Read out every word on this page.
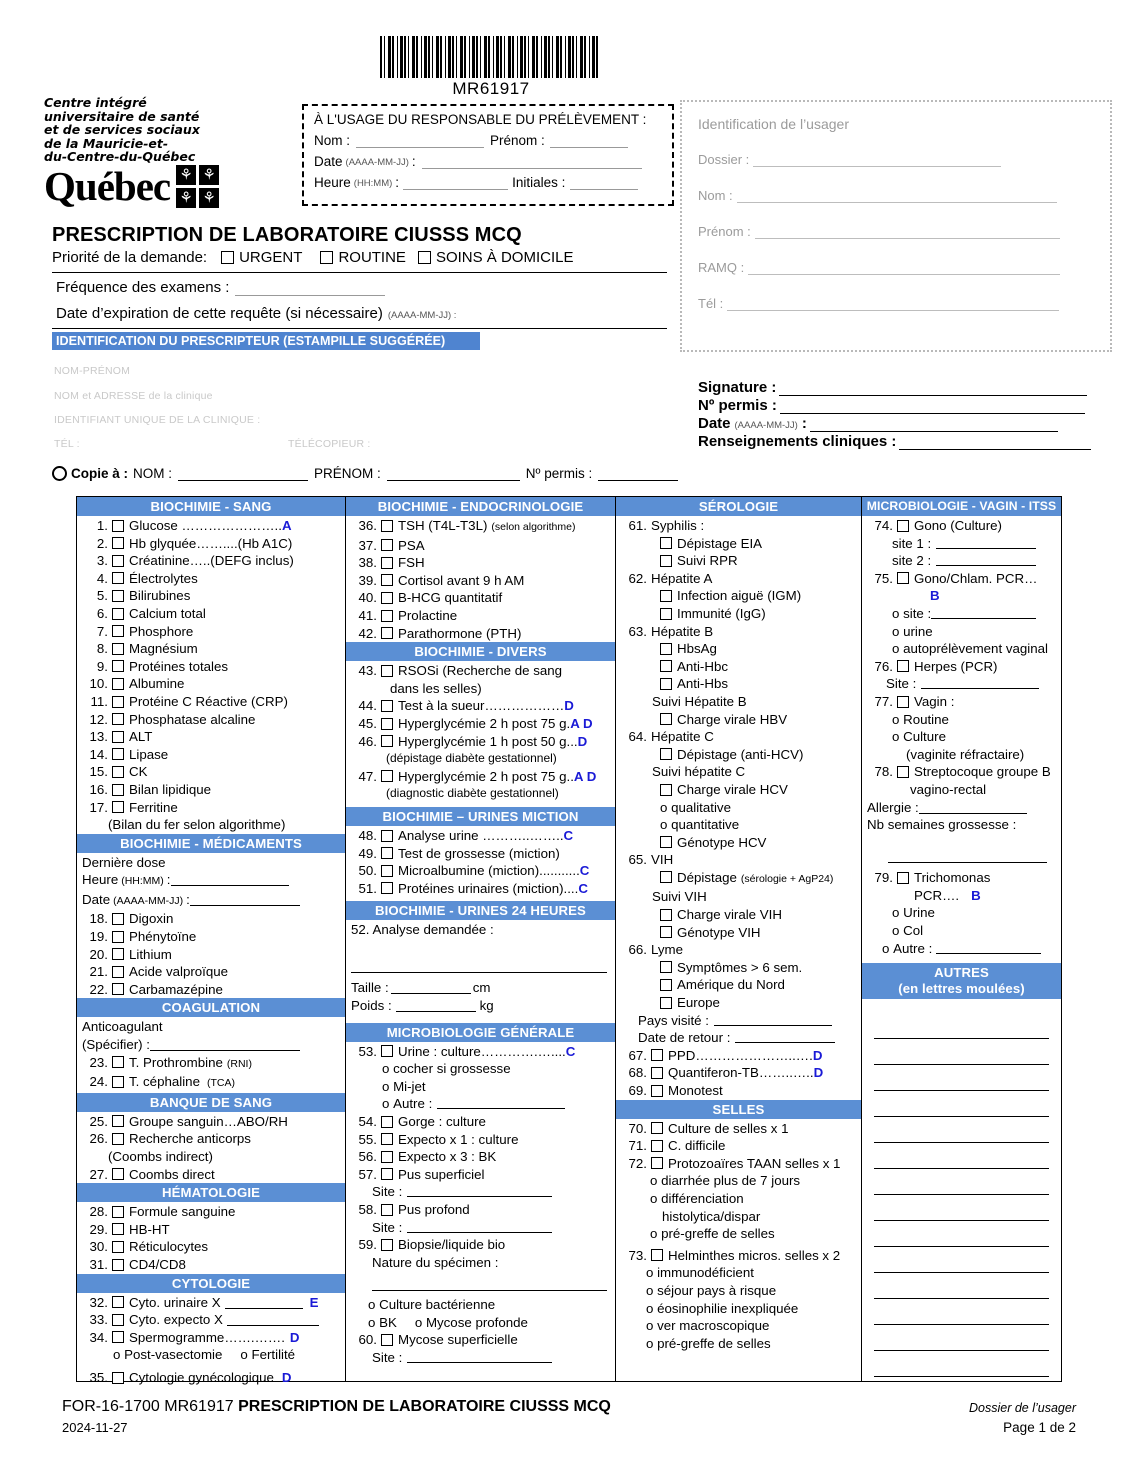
MR61917
Centre intégré
universitaire de santé
et de services sociaux
de la Mauricie-et-
du-Centre-du-Québec
Québec
⚘
⚘
⚘
⚘
À L'USAGE DU RESPONSABLE DU PRÉLÈVEMENT :
Nom :	Prénom :
Date (AAAA-MM-JJ) :
Heure (HH:MM) :	Initiales :
Identification de l’usager
Dossier :
Nom :
Prénom :
RAMQ :
Tél :
PRESCRIPTION DE LABORATOIRE CIUSSS MCQ
Priorité de la demande: URGENT ROUTINE SOINS À DOMICILE
Fréquence des examens :
Date d’expiration de cette requête (si nécessaire) (AAAA-MM-JJ) :
IDENTIFICATION DU PRESCRIPTEUR (ESTAMPILLE SUGGÉRÉE)
NOM-PRÉNOM
NOM et ADRESSE de la clinique
IDENTIFIANT UNIQUE DE LA CLINIQUE :
TÉL :	TÉLÉCOPIEUR :
Signature :
Nº permis :
Date (AAAA-MM-JJ) :
Renseignements cliniques :
Copie à : NOM :	PRÉNOM :	Nº permis :
BIOCHIMIE - SANG
1.	Glucose …………………..A
2.	Hb glyquée……....(Hb A1C)
3.	Créatinine…..(DEFG inclus)
4.	Électrolytes
5.	Bilirubines
6.	Calcium total
7.	Phosphore
8.	Magnésium
9.	Protéines totales
10.	Albumine
11.	Protéine C Réactive (CRP)
12.	Phosphatase alcaline
13.	ALT
14.	Lipase
15.	CK
16.	Bilan lipidique
17.	Ferritine
(Bilan du fer selon algorithme)
BIOCHIMIE - MÉDICAMENTS
Dernière dose
Heure (HH:MM) :
Date (AAAA-MM-JJ) :
18.	Digoxin
19.	Phénytoïne
20.	Lithium
21.	Acide valproïque
22.	Carbamazépine
COAGULATION
Anticoagulant
(Spécifier) :
23.	T. Prothrombine (RNI)
24.	T. céphaline (TCA)
BANQUE DE SANG
25.	Groupe sanguin…ABO/RH
26.	Recherche anticorps
(Coombs indirect)
27.	Coombs direct
HÉMATOLOGIE
28.	Formule sanguine
29.	HB-HT
30.	Réticulocytes
31.	CD4/CD8
CYTOLOGIE
32.	Cyto. urinaire X	E
33.	Cyto. expecto X
34.	Spermogramme…….……. D
o Post-vasectomie o Fertilité
35.	Cytologie gynécologique D
BIOCHIMIE - ENDOCRINOLOGIE
36.	TSH (T4L-T3L) (selon algorithme)
37.	PSA
38.	FSH
39.	Cortisol avant 9 h AM
40.	B-HCG quantitatif
41.	Prolactine
42.	Parathormone (PTH)
BIOCHIMIE - DIVERS
43.	RSOSi (Recherche de sang
dans les selles)
44.	Test à la sueur………………D
45.	Hyperglycémie 2 h post 75 g.A D
46.	Hyperglycémie 1 h post 50 g...D
(dépistage diabète gestationnel)
47.	Hyperglycémie 2 h post 75 g..A D
(diagnostic diabète gestationnel)
BIOCHIMIE – URINES MICTION
48.	Analyse urine ………..……..C
49.	Test de grossesse (miction)
50.	Microalbumine (miction)...........C
51.	Protéines urinaires (miction)....C
BIOCHIMIE - URINES 24 HEURES
52. Analyse demandée :
Taille :	cm
Poids :	kg
MICROBIOLOGIE GÉNÉRALE
53.	Urine : culture………….…....C
o cocher si grossesse
o Mi-jet
o Autre :
54.	Gorge : culture
55.	Expecto x 1 : culture
56.	Expecto x 3 : BK
57.	Pus superficiel
Site :
58.	Pus profond
Site :
59.	Biopsie/liquide bio
Nature du spécimen :
o Culture bactérienne
o BK o Mycose profonde
60.	Mycose superficielle
Site :
SÉROLOGIE
61. Syphilis :
Dépistage EIA
Suivi RPR
62. Hépatite A
Infection aiguë (IGM)
Immunité (IgG)
63. Hépatite B
HbsAg
Anti-Hbc
Anti-Hbs
Suivi Hépatite B
Charge virale HBV
64. Hépatite C
Dépistage (anti-HCV)
Suivi hépatite C
Charge virale HCV
o qualitative
o quantitative
Génotype HCV
65. VIH
Dépistage (sérologie + AgP24)
Suivi VIH
Charge virale VIH
Génotype VIH
66. Lyme
Symptômes > 6 sem.
Amérique du Nord
Europe
Pays visité :
Date de retour :
67.	PPD…………………..….D
68.	Quantiferon-TB……..…..D
69.	Monotest
SELLES
70.	Culture de selles x 1
71.	C. difficile
72.	Protozoaïres TAAN selles x 1
o diarrhée plus de 7 jours
o différenciation
histolytica/dispar
o pré-greffe de selles
73.	Helminthes micros. selles x 2
o immunodéficient
o séjour pays à risque
o éosinophilie inexpliquée
o ver macroscopique
o pré-greffe de selles
MICROBIOLOGIE - VAGIN - ITSS
74.	Gono (Culture)
site 1 :
site 2 :
75.	Gono/Chlam. PCR…B
o site :
o urine
o autoprélèvement vaginal
76.	Herpes (PCR)
Site :
77.	Vagin :
o Routine
o Culture
(vaginite réfractaire)
78.	Streptocoque groupe B
vagino-rectal
Allergie :
Nb semaines grossesse :
79.	Trichomonas PCR…. B
o Urine
o Col
o Autre :
AUTRES
(en lettres moulées)
FOR-16-1700 MR61917 PRESCRIPTION DE LABORATOIRE CIUSSS MCQ
2024-11-27
Dossier de l’usager
Page 1 de 2
